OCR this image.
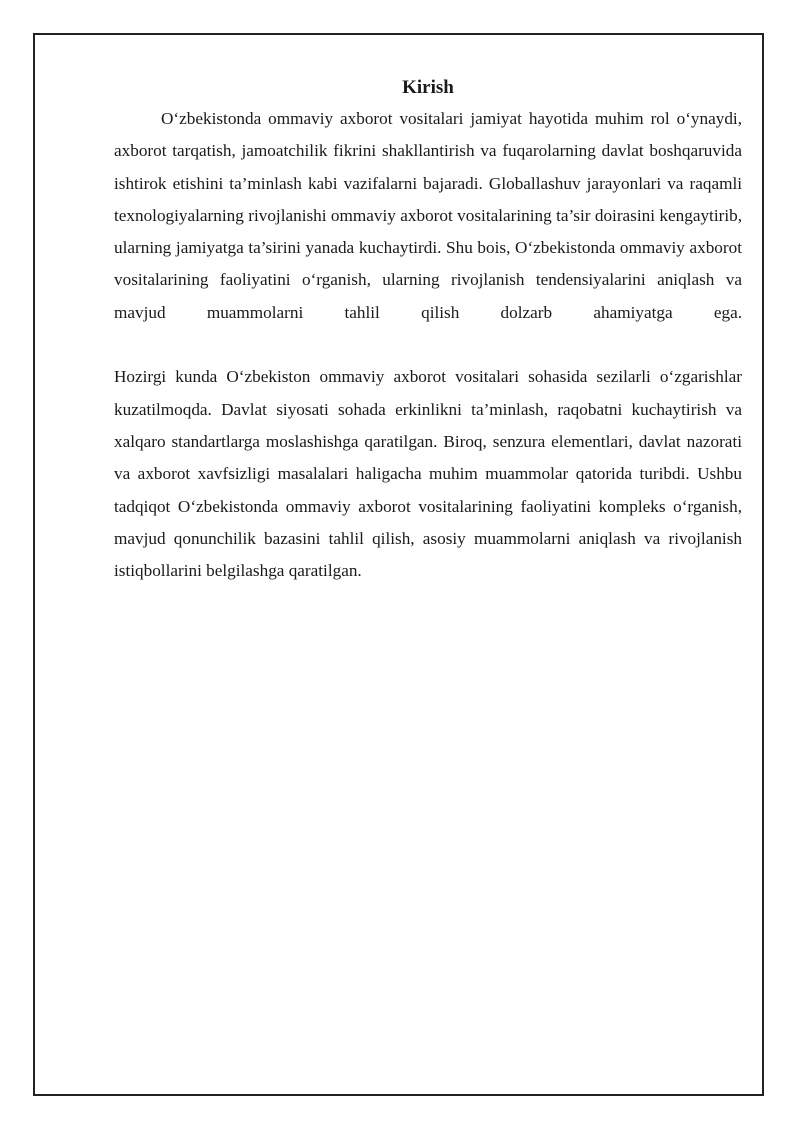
Kirish

O‘zbekistonda ommaviy axborot vositalari jamiyat hayotida muhim rol o‘ynaydi, axborot tarqatish, jamoatchilik fikrini shakllantirish va fuqarolarning davlat boshqaruvida ishtirok etishini ta’minlash kabi vazifalarni bajaradi. Globallashuv jarayonlari va raqamli texnologiyalarning rivojlanishi ommaviy axborot vositalarining ta’sir doirasini kengaytirib, ularning jamiyatga ta’sirini yanada kuchaytirdi. Shu bois, O‘zbekistonda ommaviy axborot vositalarining faoliyatini o‘rganish, ularning rivojlanish tendensiyalarini aniqlash va mavjud muammolarni tahlil qilish dolzarb ahamiyatga ega.

Hozirgi kunda O‘zbekiston ommaviy axborot vositalari sohasida sezilarli o‘zgarishlar kuzatilmoqda. Davlat siyosati sohada erkinlikni ta’minlash, raqobatni kuchaytirish va xalqaro standartlarga moslashishga qaratilgan. Biroq, senzura elementlari, davlat nazorati va axborot xavfsizligi masalalari haligacha muhim muammolar qatorida turibdi. Ushbu tadqiqot O‘zbekistonda ommaviy axborot vositalarining faoliyatini kompleks o‘rganish, mavjud qonunchilik bazasini tahlil qilish, asosiy muammolarni aniqlash va rivojlanish istiqbollarini belgilashga qaratilgan.
